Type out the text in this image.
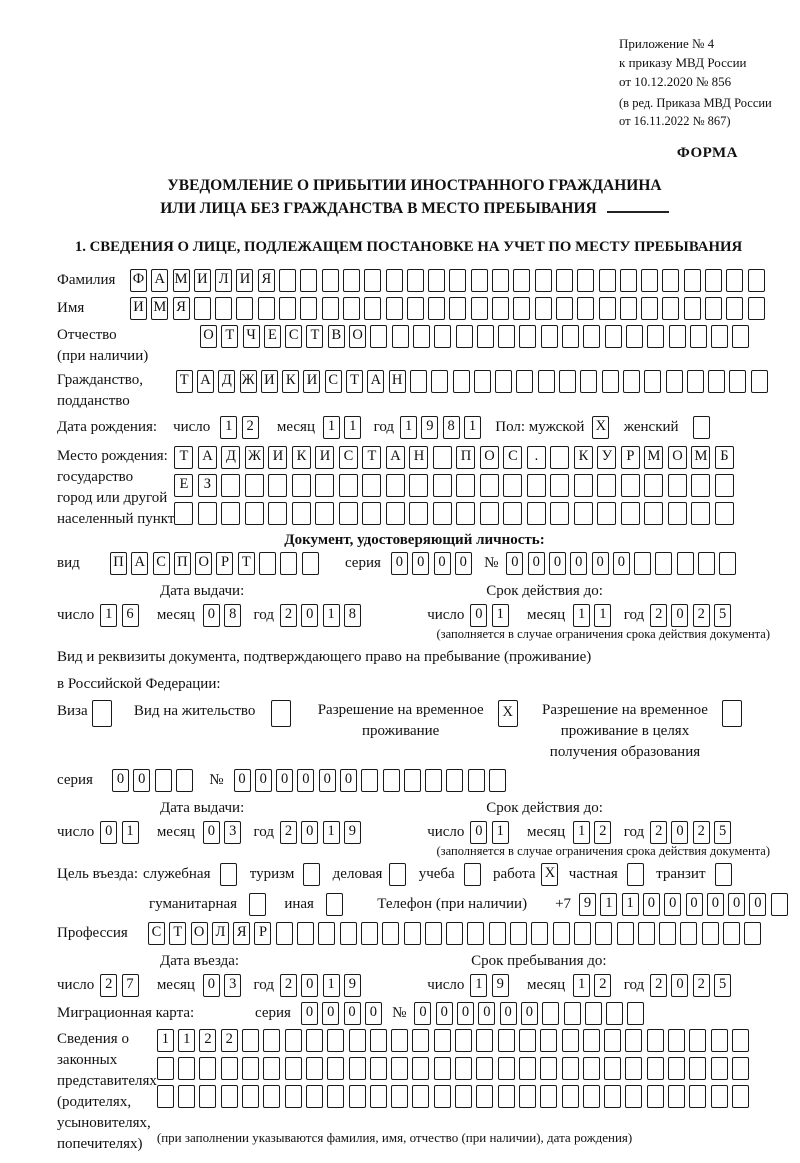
Приложение № 4
к приказу МВД России
от 10.12.2020 № 856
(в ред. Приказа МВД России
от 16.11.2022 № 867)
ФОРМА
УВЕДОМЛЕНИЕ О ПРИБЫТИИ ИНОСТРАННОГО ГРАЖДАНИНА
ИЛИ ЛИЦА БЕЗ ГРАЖДАНСТВА В МЕСТО ПРЕБЫВАНИЯ
1. СВЕДЕНИЯ О ЛИЦЕ, ПОДЛЕЖАЩЕМ ПОСТАНОВКЕ НА УЧЕТ ПО МЕСТУ ПРЕБЫВАНИЯ
Фамилия	Ф А М И Л И Я
Имя	И М Я
Отчество
(при наличии)
О Т Ч Е С Т В О
Гражданство,
подданство
Т А Д Ж И К И С Т А Н
Дата рождения: число	1 2	месяц 1 1	год 1 9 8 1	Пол: мужской X	женский
Место рождения:
государство
город или другой
населенный пункт
Т А Д Ж И К И С Т А Н	П О С .	К У Р М О М Б Е З
Документ, удостоверяющий личность:
вид	П А С П О Р Т	серия	0 0 0 0	№ 0 0 0 0 0 0
Дата выдачи:	Срок действия до:
число 1 6	месяц 0 8	год 2 0 1 8	число 0 1	месяц 1 1	год 2 0 2 5
(заполняется в случае ограничения срока действия документа)
Вид и реквизиты документа, подтверждающего право на пребывание (проживание)
в Российской Федерации:
Виза	Вид на жительство	Разрешение на временное
проживание
X	Разрешение на временное
проживание в целях
получения образования
серия	0 0	№	0 0 0 0 0 0
Дата выдачи:	Срок действия до:
число 0 1	месяц 0 3	год 2 0 1 9	число 0 1	месяц 1 2	год 2 0 2 5
(заполняется в случае ограничения срока действия документа)
Цель въезда: служебная	туризм	деловая учеба	работа X частная	транзит
гуманитарная	иная	Телефон (при наличии) +7 9 1 1 0 0 0 0 0 0
Профессия	С Т О Л Я Р
Дата въезда:	Срок пребывания до:
число 2 7	месяц 0 3	год 2 0 1 9	число 1 9	месяц 1 2	год 2 0 2 5
Миграционная карта:	серия	0 0 0 0	№ 0 0 0 0 0 0
Сведения о
законных
представителях
(родителях,
усыновителях,
попечителях)
1 1 2 2
(при заполнении указываются фамилия, имя, отчество (при наличии), дата рождения)
